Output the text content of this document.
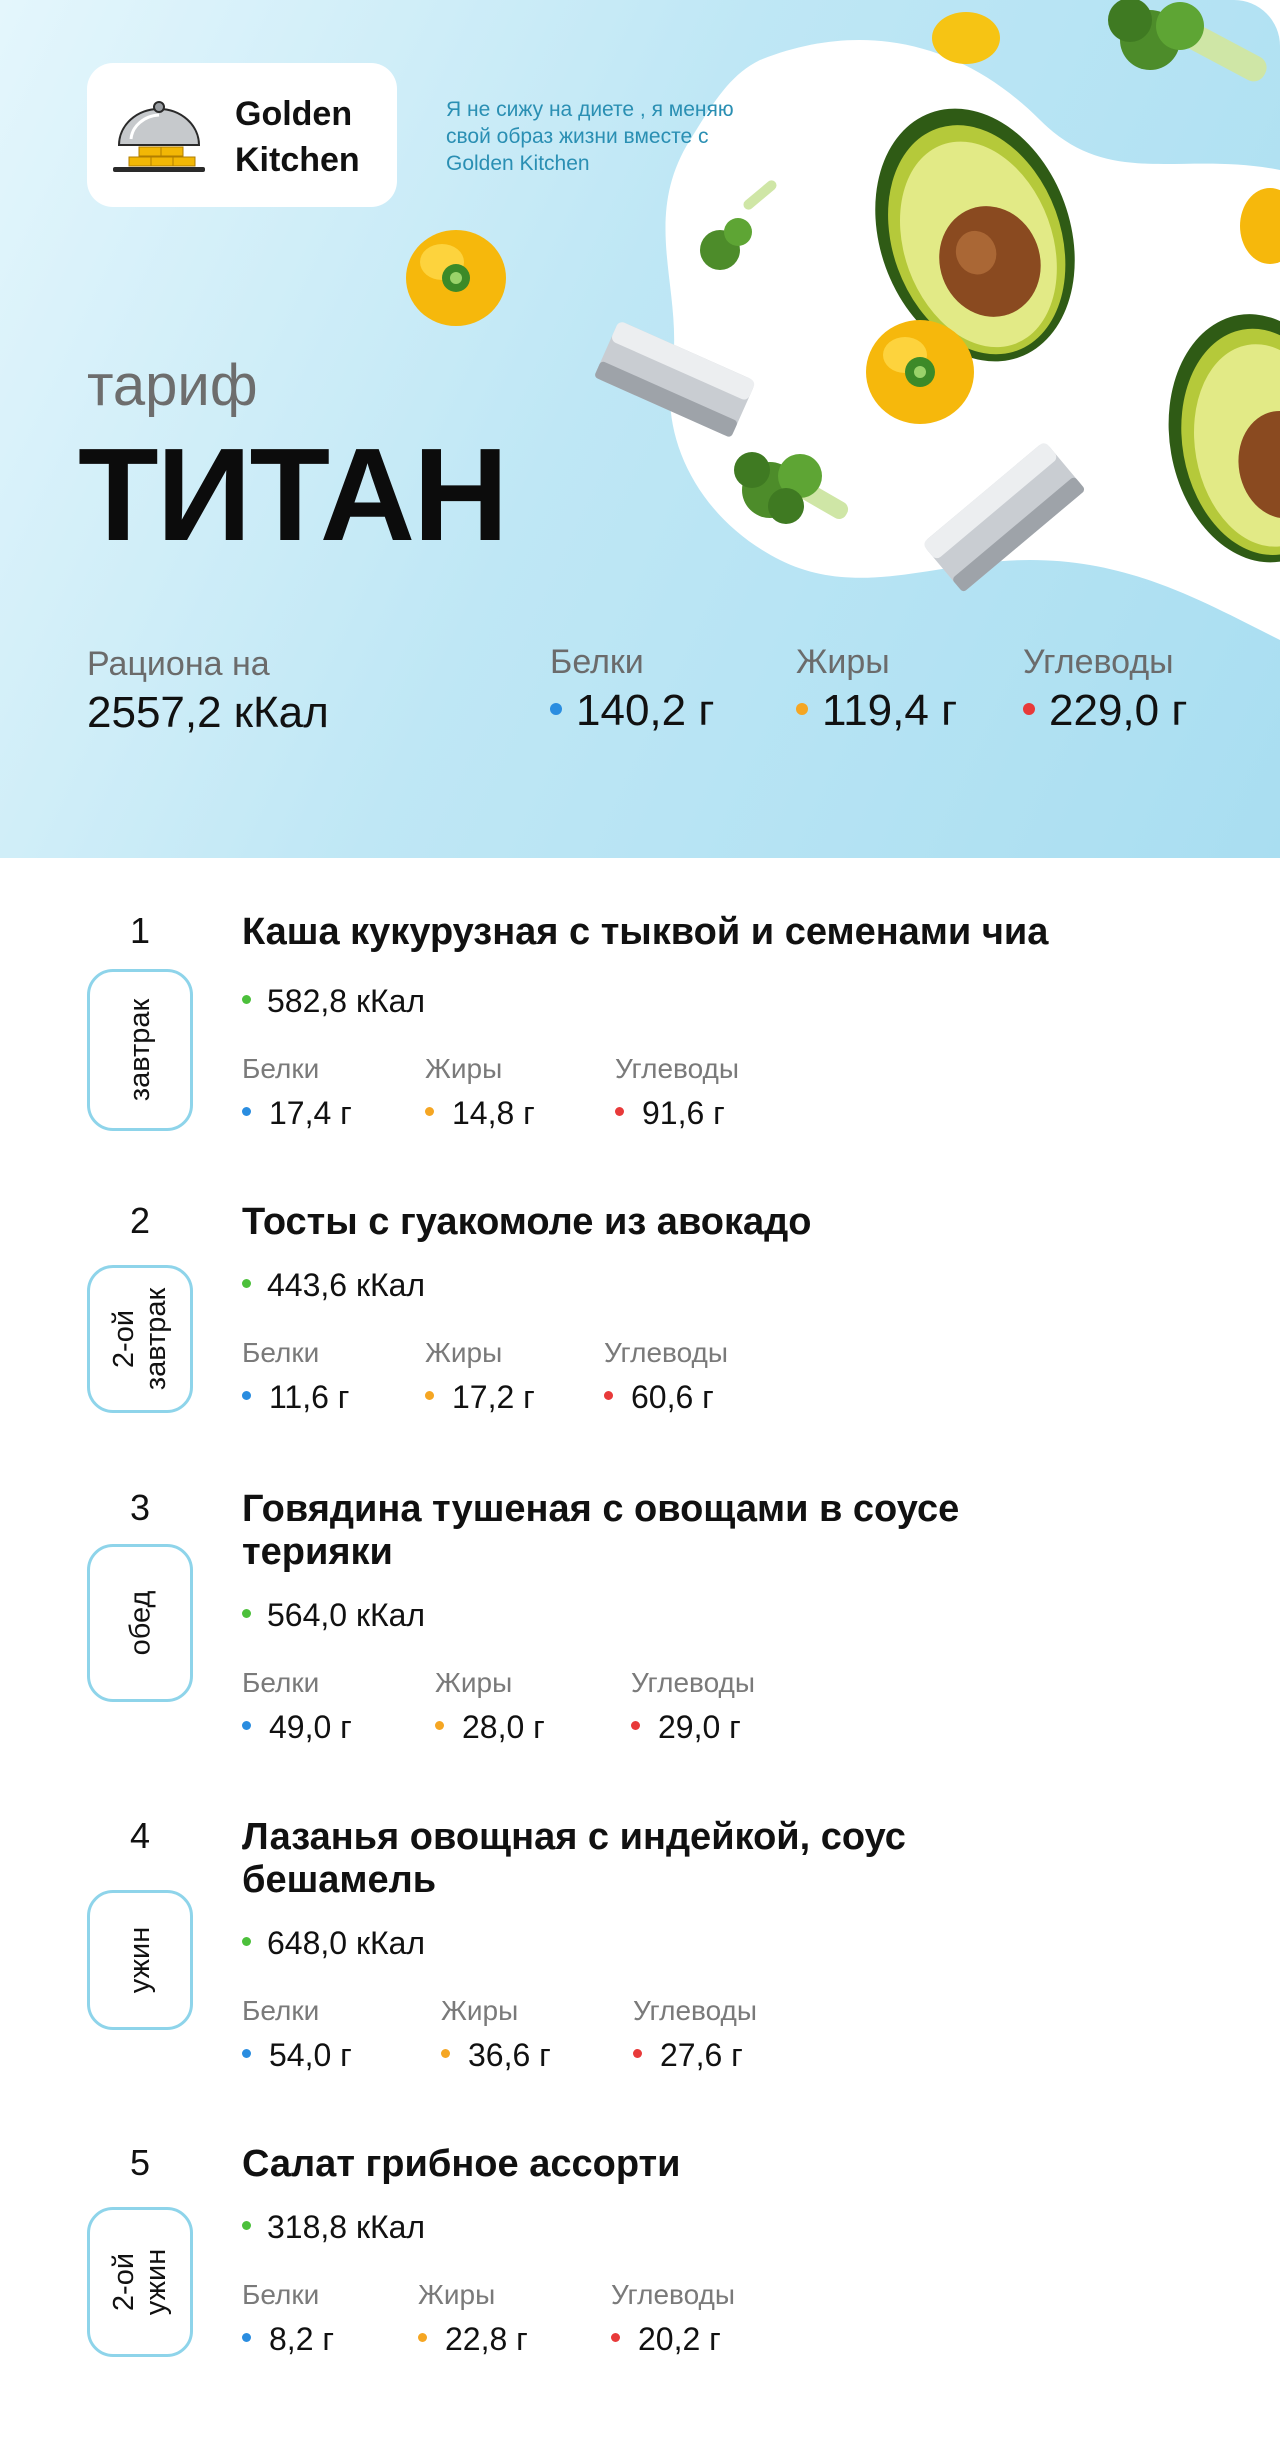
Golden
Kitchen
Я не сижу на диете , я меняю свой образ жизни вместе с Golden Kitchen
тариф
ТИТАН
Рациона на
2557,2 кКал
Белки
140,2 г
Жиры
119,4 г
Углеводы
229,0 г
1
завтрак
Каша кукурузная с тыквой и семенами чиа
582,8 кКал
Белки	Жиры	Углеводы
17,4 г	14,8 г	91,6 г
2
2-ой
завтрак
Тосты с гуакомоле из авокадо
443,6 кКал
Белки	Жиры	Углеводы
11,6 г	17,2 г	60,6 г
3
обед
Говядина тушеная с овощами в соусе терияки
564,0 кКал
Белки	Жиры	Углеводы
49,0 г	28,0 г	29,0 г
4
ужин
Лазанья овощная с индейкой, соус бешамель
648,0 кКал
Белки	Жиры	Углеводы
54,0 г	36,6 г	27,6 г
5
2-ой
ужин
Салат грибное ассорти
318,8 кКал
Белки	Жиры	Углеводы
8,2 г	22,8 г	20,2 г
